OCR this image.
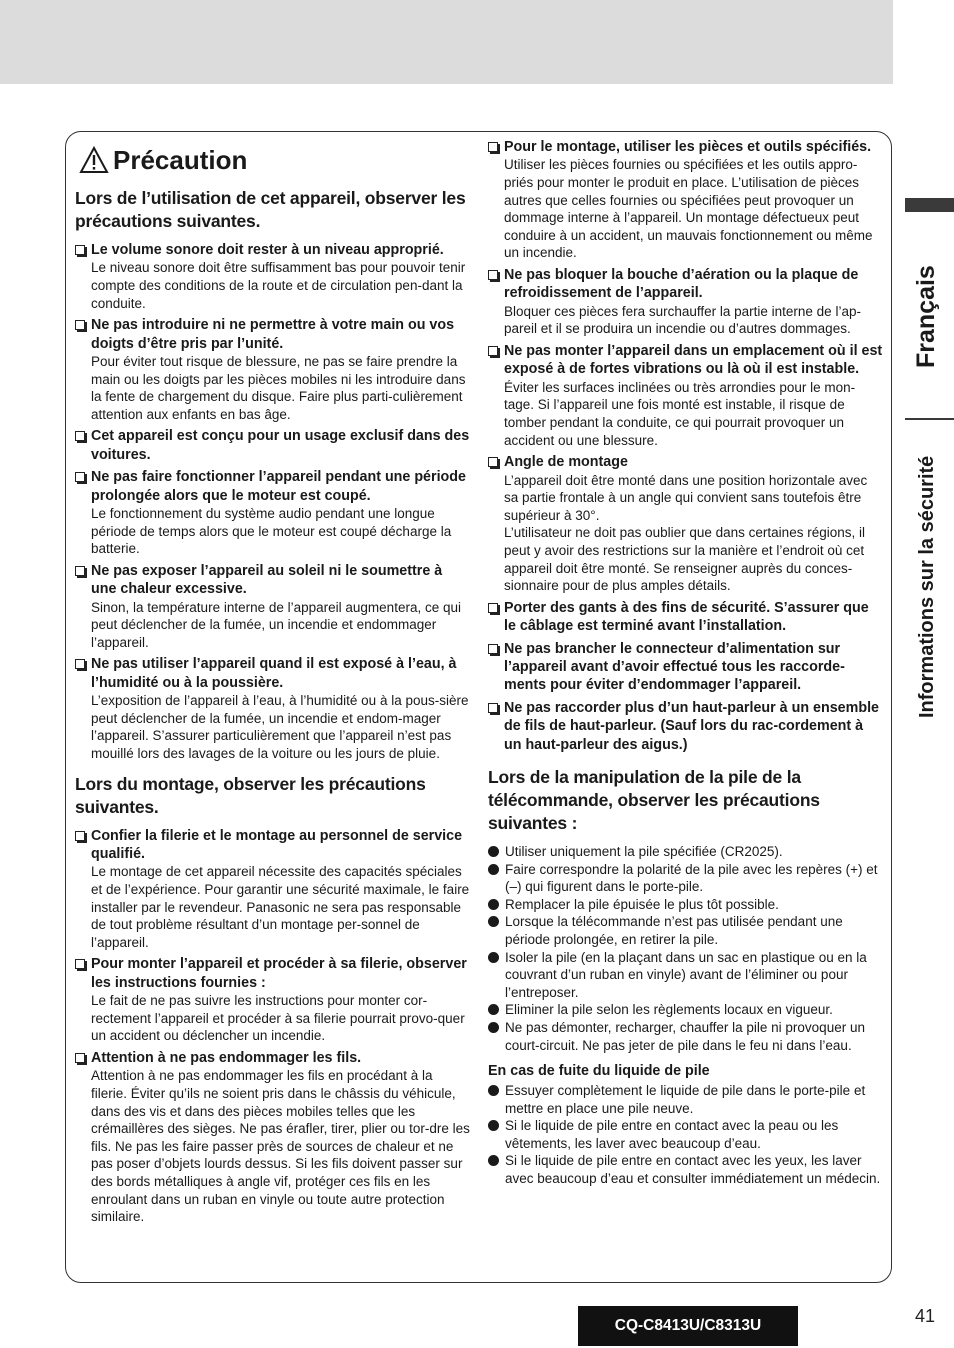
Précaution
Lors de l’utilisation de cet appareil, observer les précautions suivantes.
Le volume sonore doit rester à un niveau approprié.

Le niveau sonore doit être suffisamment bas pour pouvoir tenir compte des conditions de la route et de circulation pen-dant la conduite.

Ne pas introduire ni ne permettre à votre main ou vos doigts d’être pris par l’unité.

Pour éviter tout risque de blessure, ne pas se faire prendre la main ou les doigts par les pièces mobiles ni les introduire dans la fente de chargement du disque. Faire plus parti-culièrement attention aux enfants en bas âge.

Cet appareil est conçu pour un usage exclusif dans des voitures.
Ne pas faire fonctionner l’appareil pendant une période prolongée alors que le moteur est coupé.

Le fonctionnement du système audio pendant une longue période de temps alors que le moteur est coupé décharge la batterie.

Ne pas exposer l’appareil au soleil ni le soumettre à une chaleur excessive.

Sinon, la température interne de l’appareil augmentera, ce qui peut déclencher de la fumée, un incendie et endommager l’appareil.

Ne pas utiliser l’appareil quand il est exposé à l’eau, à l’humidité ou à la poussière.

L’exposition de l’appareil à l’eau, à l’humidité ou à la pous-sière peut déclencher de la fumée, un incendie et endom-mager l’appareil. S’assurer particulièrement que l’appareil n’est pas mouillé lors des lavages de la voiture ou les jours de pluie.

Lors du montage, observer les précautions suivantes.
Confier la filerie et le montage au personnel de service qualifié.

Le montage de cet appareil nécessite des capacités spéciales et de l’expérience. Pour garantir une sécurité maximale, le faire installer par le revendeur. Panasonic ne sera pas responsable de tout problème résultant d’un montage per-sonnel de l’appareil.

Pour monter l’appareil et procéder à sa filerie, observer les instructions fournies :

Le fait de ne pas suivre les instructions pour monter cor-rectement l’appareil et procéder à sa filerie pourrait provo-quer un accident ou déclencher un incendie.

Attention à ne pas endommager les fils.

Attention à ne pas endommager les fils en procédant à la filerie. Éviter qu’ils ne soient pris dans le châssis du véhicule, dans des vis et dans des pièces mobiles telles que les crémaillères des sièges. Ne pas érafler, tirer, plier ou tor-dre les fils. Ne pas les faire passer près de sources de chaleur et ne pas poser d’objets lourds dessus. Si les fils doivent passer sur des bords métalliques à angle vif, protéger ces fils en les enroulant dans un ruban en vinyle ou toute autre protection similaire.

Pour le montage, utiliser les pièces et outils spécifiés.

Utiliser les pièces fournies ou spécifiées et les outils appro-priés pour monter le produit en place. L’utilisation de pièces autres que celles fournies ou spécifiées peut provoquer un dommage interne à l’appareil. Un montage défectueux peut conduire à un accident, un mauvais fonctionnement ou même un incendie.

Ne pas bloquer la bouche d’aération ou la plaque de refroidissement de l’appareil.

Bloquer ces pièces fera surchauffer la partie interne de l’ap-pareil et il se produira un incendie ou d’autres dommages.

Ne pas monter l’appareil dans un emplacement où il est exposé à de fortes vibrations ou là où il est instable.

Éviter les surfaces inclinées ou très arrondies pour le mon-tage. Si l’appareil une fois monté est instable, il risque de tomber pendant la conduite, ce qui pourrait provoquer un accident ou une blessure.

Angle de montage

L’appareil doit être monté dans une position horizontale avec sa partie frontale à un angle qui convient sans toutefois être supérieur à 30°.

L’utilisateur ne doit pas oublier que dans certaines régions, il peut y avoir des restrictions sur la manière et l’endroit où cet appareil doit être monté. Se renseigner auprès du conces-sionnaire pour de plus amples détails.

Porter des gants à des fins de sécurité. S’assurer que le câblage est terminé avant l’installation.
Ne pas brancher le connecteur d’alimentation sur l’appareil avant d’avoir effectué tous les raccorde-ments pour éviter d’endommager l’appareil.
Ne pas raccorder plus d’un haut-parleur à un ensemble de fils de haut-parleur. (Sauf lors du rac-cordement à un haut-parleur des aigus.)
Lors de la manipulation de la pile de la télécommande, observer les précautions suivantes :
Utiliser uniquement la pile spécifiée (CR2025).
Faire correspondre la polarité de la pile avec les repères (+) et (–) qui figurent dans le porte-pile.
Remplacer la pile épuisée le plus tôt possible.
Lorsque la télécommande n’est pas utilisée pendant une période prolongée, en retirer la pile.
Isoler la pile (en la plaçant dans un sac en plastique ou en la couvrant d’un ruban en vinyle) avant de l’éliminer ou pour l’entreposer.
Eliminer la pile selon les règlements locaux en vigueur.
Ne pas démonter, recharger, chauffer la pile ni provoquer un court-circuit. Ne pas jeter de pile dans le feu ni dans l’eau.
En cas de fuite du liquide de pile
Essuyer complètement le liquide de pile dans le porte-pile et mettre en place une pile neuve.
Si le liquide de pile entre en contact avec la peau ou les vêtements, les laver avec beaucoup d’eau.
Si le liquide de pile entre en contact avec les yeux, les laver avec beaucoup d’eau et consulter immédiatement un médecin.
Français
Informations sur la sécurité
CQ-C8413U/C8313U	41
